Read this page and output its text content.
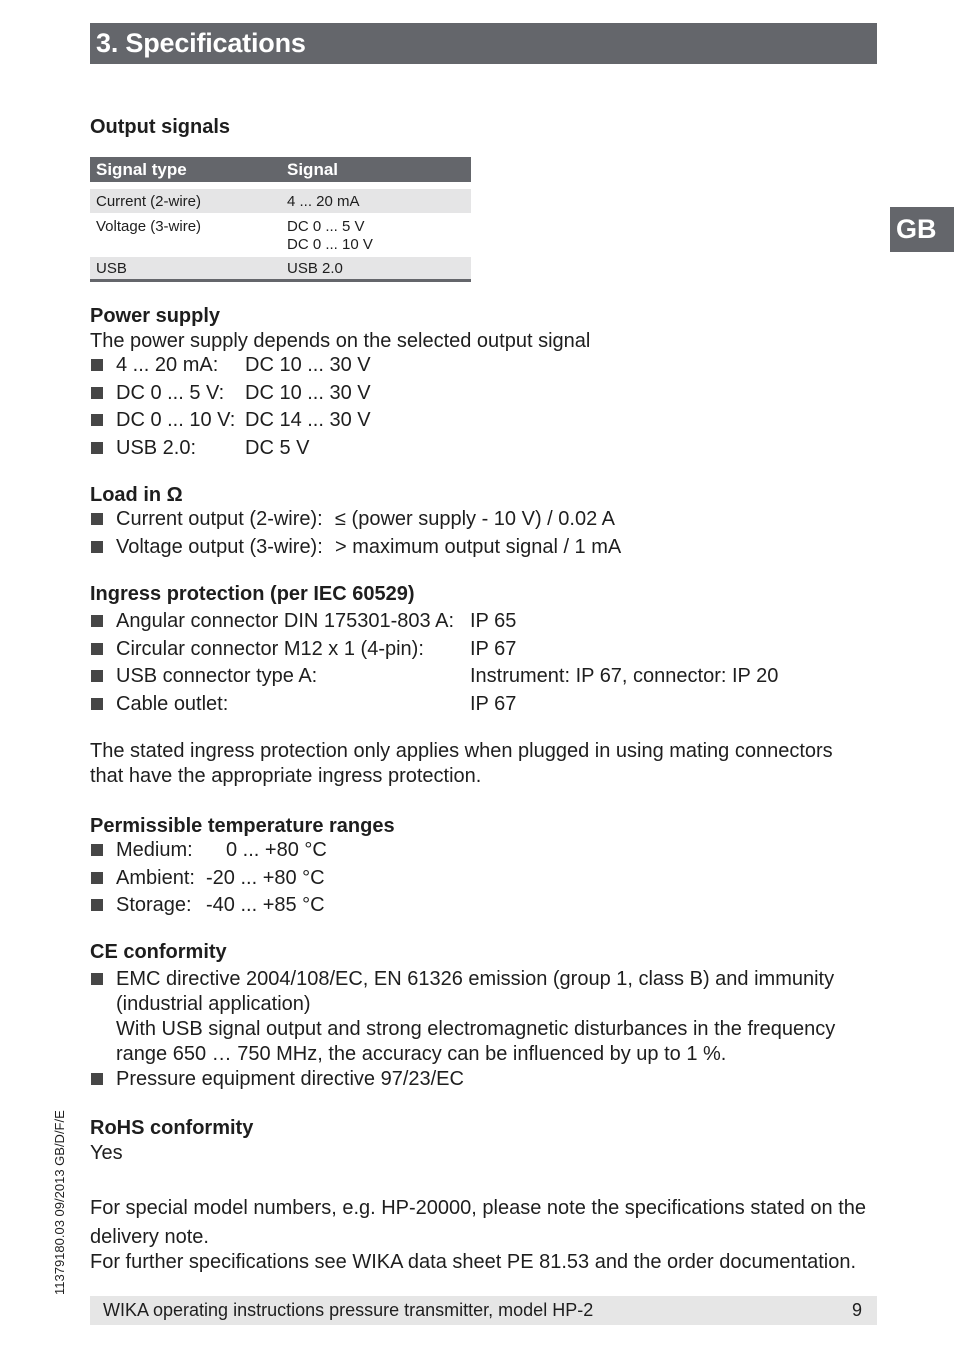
3. Specifications
GB
Output signals
Signal type	Signal
Current (2-wire)	4 ... 20 mA
Voltage (3-wire)	DC 0 ... 5 V
DC 0 ... 10 V
USB	USB 2.0
Power supply
The power supply depends on the selected output signal
4 ... 20 mA: DC 10 ... 30 V
DC 0 ... 5 V: DC 10 ... 30 V
DC 0 ... 10 V: DC 14 ... 30 V
USB 2.0: DC 5 V
Load in Ω
Current output (2-wire): ≤ (power supply - 10 V) / 0.02 A
Voltage output (3-wire): > maximum output signal / 1 mA
Ingress protection (per IEC 60529)
Angular connector DIN 175301-803 A: IP 65
Circular connector M12 x 1 (4-pin): IP 67
USB connector type A:	Instrument: IP 67, connector: IP 20
Cable outlet:	IP 67
The stated ingress protection only applies when plugged in using mating connectors
that have the appropriate ingress protection.
Permissible temperature ranges
Medium: 0 ... +80 °C
Ambient: -20 ... +80 °C
Storage: -40 ... +85 °C
CE conformity
EMC directive 2004/108/EC, EN 61326 emission (group 1, class B) and immunity
(industrial application)
With USB signal output and strong electromagnetic disturbances in the frequency
range 650 … 750 MHz, the accuracy can be influenced by up to 1 %.
Pressure equipment directive 97/23/EC
RoHS conformity
Yes
For special model numbers, e.g. HP-20000, please note the specifications stated on the
delivery note.
For further specifications see WIKA data sheet PE 81.53 and the order documentation.
11379180.03 09/2013 GB/D/F/E
WIKA operating instructions pressure transmitter, model HP-2	9
